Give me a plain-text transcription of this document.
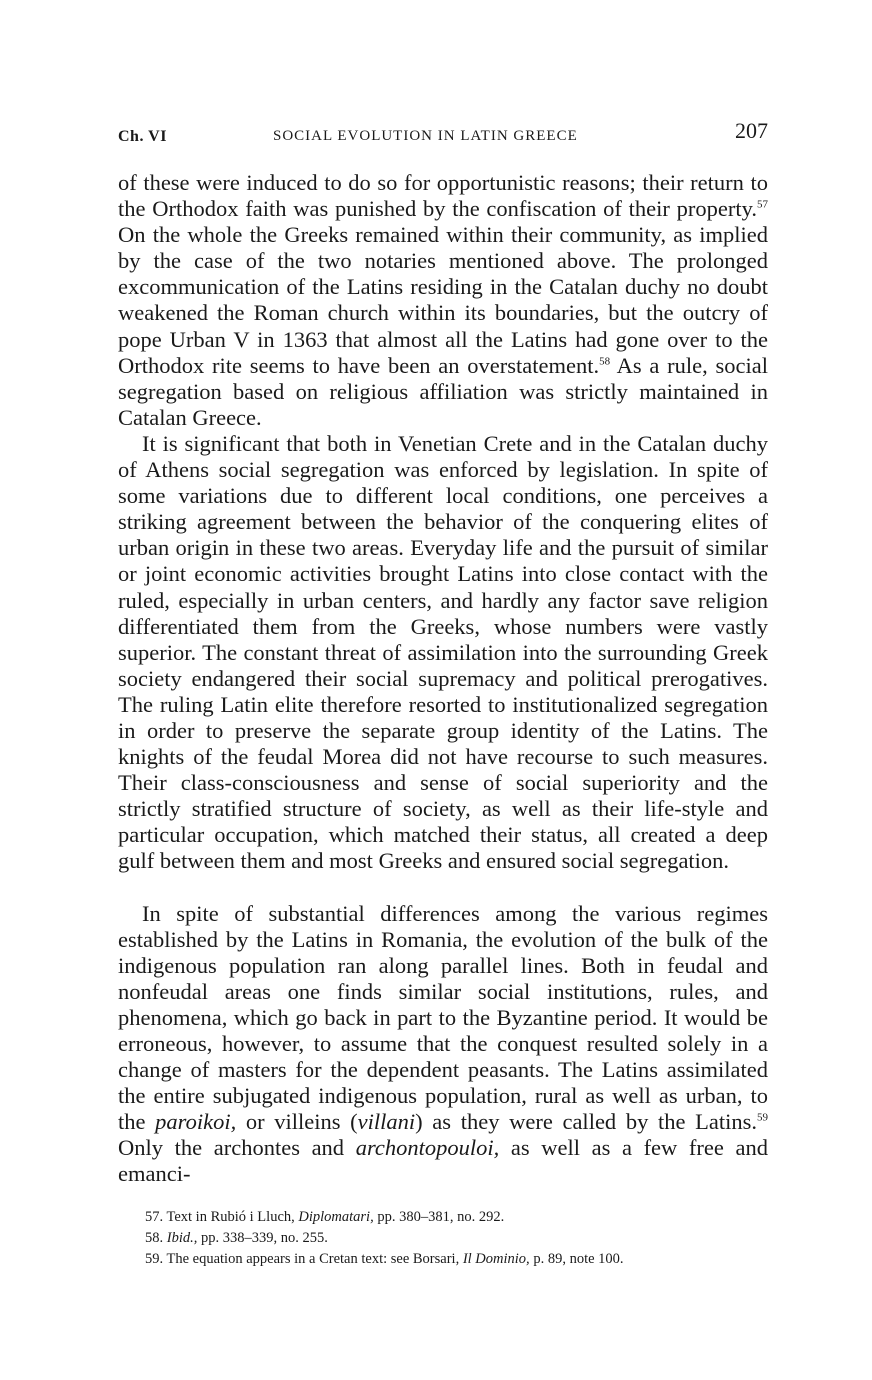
Ch. VI	SOCIAL EVOLUTION IN LATIN GREECE	207

of these were induced to do so for opportunistic reasons; their return to the Orthodox faith was punished by the confiscation of their property.$^{57}$ On the whole the Greeks remained within their community, as implied by the case of the two notaries mentioned above. The prolonged excommunication of the Latins residing in the Catalan duchy no doubt weakened the Roman church within its boundaries, but the outcry of pope Urban V in 1363 that almost all the Latins had gone over to the Orthodox rite seems to have been an overstatement.$^{58}$ As a rule, social segregation based on religious affiliation was strictly maintained in Catalan Greece.

It is significant that both in Venetian Crete and in the Catalan duchy of Athens social segregation was enforced by legislation. In spite of some variations due to different local conditions, one perceives a striking agreement between the behavior of the conquering elites of urban origin in these two areas. Everyday life and the pursuit of similar or joint economic activities brought Latins into close contact with the ruled, especially in urban centers, and hardly any factor save religion differentiated them from the Greeks, whose numbers were vastly superior. The constant threat of assimilation into the surrounding Greek society endangered their social supremacy and political prerogatives. The ruling Latin elite therefore resorted to institutionalized segregation in order to preserve the separate group identity of the Latins. The knights of the feudal Morea did not have recourse to such measures. Their class-consciousness and sense of social superiority and the strictly stratified structure of society, as well as their life-style and particular occupation, which matched their status, all created a deep gulf between them and most Greeks and ensured social segregation.

In spite of substantial differences among the various regimes established by the Latins in Romania, the evolution of the bulk of the indigenous population ran along parallel lines. Both in feudal and nonfeudal areas one finds similar social institutions, rules, and phenomena, which go back in part to the Byzantine period. It would be erroneous, however, to assume that the conquest resulted solely in a change of masters for the dependent peasants. The Latins assimilated the entire subjugated indigenous population, rural as well as urban, to the paroikoi, or villeins (villani) as they were called by the Latins.$^{59}$ Only the archontes and archontopouloi, as well as a few free and emanci-

57. Text in Rubió i Lluch, Diplomatari, pp. 380–381, no. 292.

58. Ibid., pp. 338–339, no. 255.

59. The equation appears in a Cretan text: see Borsari, Il Dominio, p. 89, note 100.
